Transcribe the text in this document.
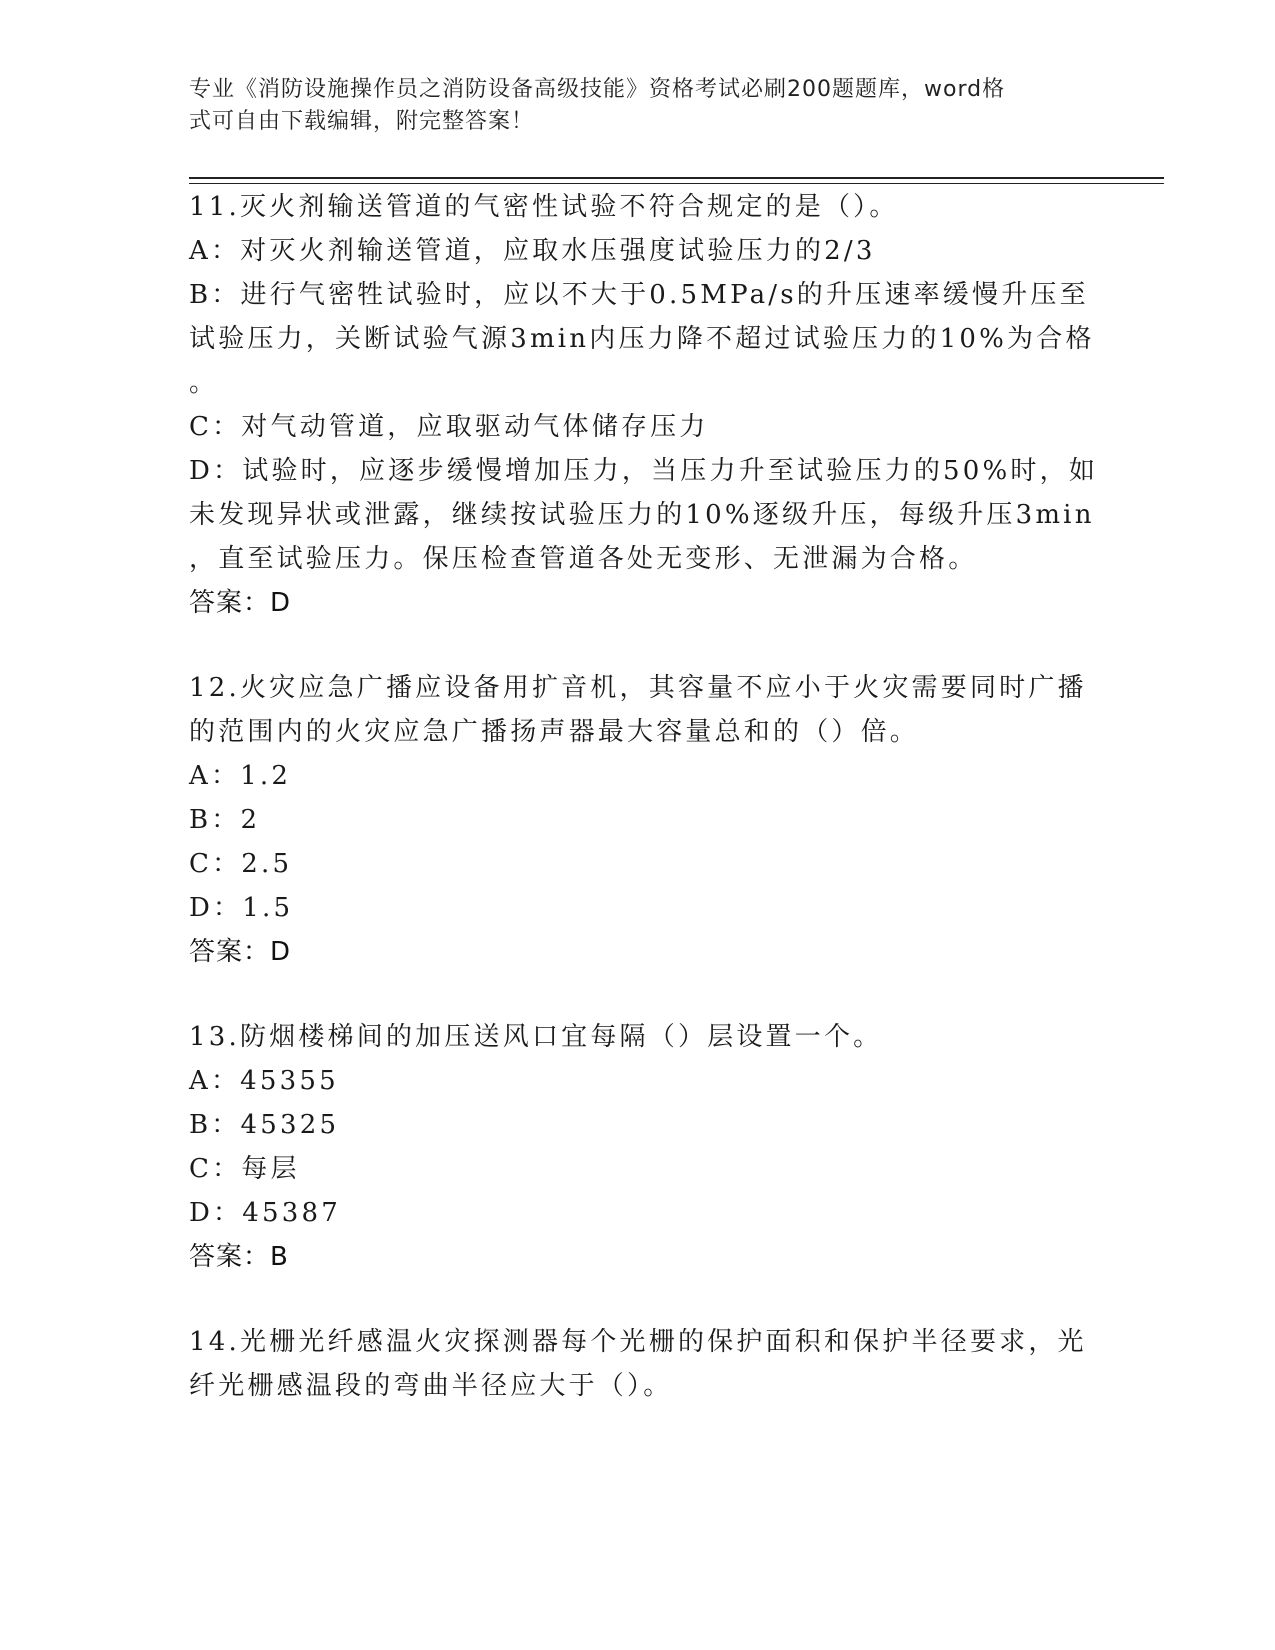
专业《消防设施操作员之消防设备高级技能》资格考试必刷200题题库，word格
式可自由下载编辑，附完整答案！
11.灭火剂输送管道的气密性试验不符合规定的是（）。
A：对灭火剂输送管道，应取水压强度试验压力的2/3
B：进行气密牲试验时，应以不大于0.5MPa/s的升压速率缓慢升压至
试验压力，关断试验气源3min内压力降不超过试验压力的10%为合格
。
C：对气动管道，应取驱动气体储存压力
D：试验时，应逐步缓慢增加压力，当压力升至试验压力的50%时，如
未发现异状或泄露，继续按试验压力的10%逐级升压，每级升压3min
，直至试验压力。保压检查管道各处无变形、无泄漏为合格。
答案：D
12.火灾应急广播应设备用扩音机，其容量不应小于火灾需要同时广播
的范围内的火灾应急广播扬声器最大容量总和的（）倍。
A：1.2
B：2
C：2.5
D：1.5
答案：D
13.防烟楼梯间的加压送风口宜每隔（）层设置一个。
A：45355
B：45325
C：每层
D：45387
答案：B
14.光栅光纤感温火灾探测器每个光栅的保护面积和保护半径要求，光
纤光栅感温段的弯曲半径应大于（）。
